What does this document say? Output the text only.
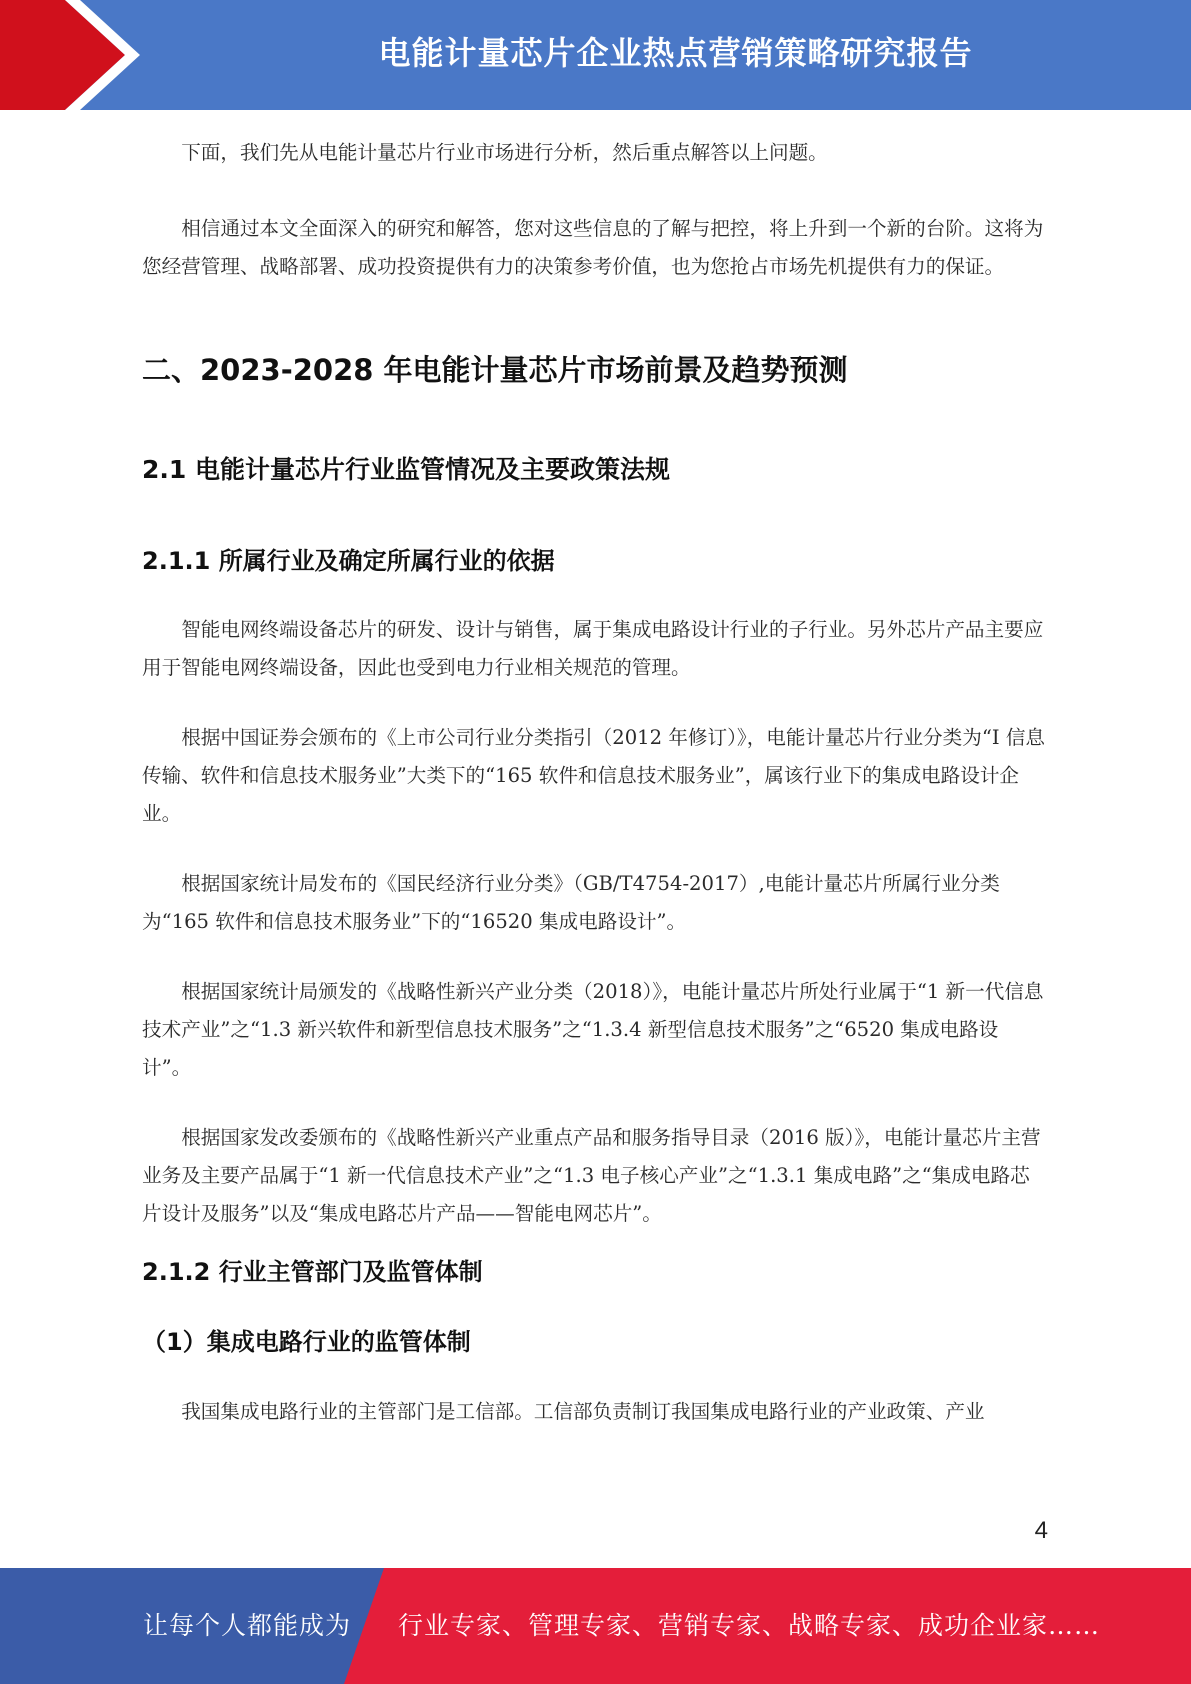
电能计量芯片企业热点营销策略研究报告

下面，我们先从电能计量芯片行业市场进行分析，然后重点解答以上问题。

相信通过本文全面深入的研究和解答，您对这些信息的了解与把控，将上升到一个新的台阶。这将为您经营管理、战略部署、成功投资提供有力的决策参考价值，也为您抢占市场先机提供有力的保证。

二、2023-2028 年电能计量芯片市场前景及趋势预测
2.1 电能计量芯片行业监管情况及主要政策法规
2.1.1 所属行业及确定所属行业的依据

智能电网终端设备芯片的研发、设计与销售，属于集成电路设计行业的子行业。另外芯片产品主要应用于智能电网终端设备，因此也受到电力行业相关规范的管理。

根据中国证券会颁布的《上市公司行业分类指引（2012 年修订）》，电能计量芯片行业分类为“I 信息传输、软件和信息技术服务业”大类下的“165 软件和信息技术服务业”，属该行业下的集成电路设计企业。

根据国家统计局发布的《国民经济行业分类》（GB/T4754-2017）,电能计量芯片所属行业分类为“165 软件和信息技术服务业”下的“16520 集成电路设计”。

根据国家统计局颁发的《战略性新兴产业分类（2018）》，电能计量芯片所处行业属于“1 新一代信息技术产业”之“1.3 新兴软件和新型信息技术服务”之“1.3.4 新型信息技术服务”之“6520 集成电路设计”。

根据国家发改委颁布的《战略性新兴产业重点产品和服务指导目录（2016 版）》，电能计量芯片主营业务及主要产品属于“1 新一代信息技术产业”之“1.3 电子核心产业”之“1.3.1 集成电路”之“集成电路芯片设计及服务”以及“集成电路芯片产品——智能电网芯片”。

2.1.2 行业主管部门及监管体制
（1）集成电路行业的监管体制

我国集成电路行业的主管部门是工信部。工信部负责制订我国集成电路行业的产业政策、产业

4
让每个人都能成为 行业专家、管理专家、营销专家、战略专家、成功企业家……
